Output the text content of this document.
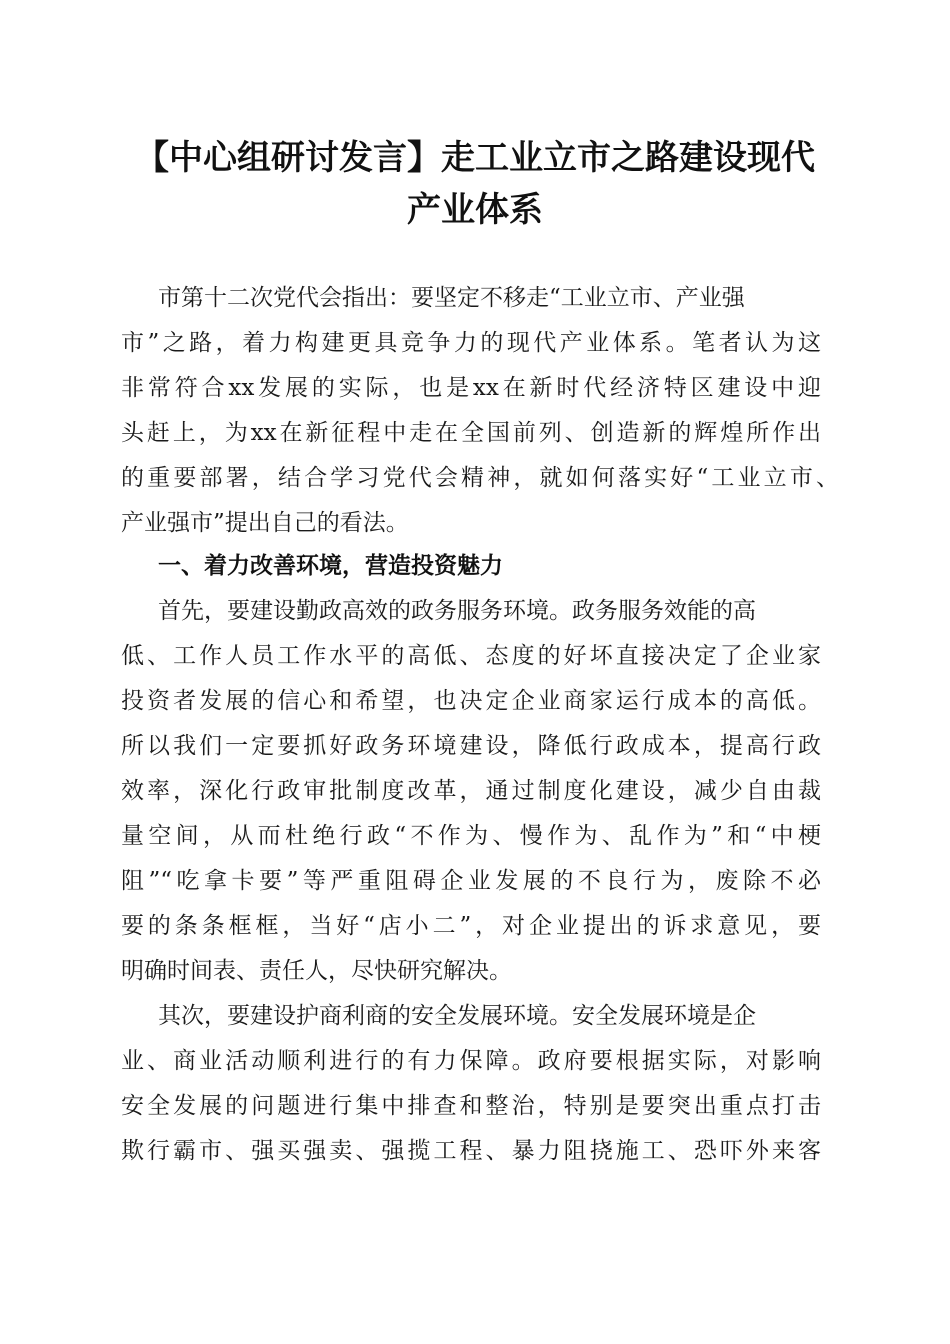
【中心组研讨发言】走工业立市之路建设现代
产业体系

市第十二次党代会指出：要坚定不移走“工业立市、产业强

市”之路，着力构建更具竞争力的现代产业体系。笔者认为这

非常符合xx发展的实际，也是xx在新时代经济特区建设中迎

头赶上，为xx在新征程中走在全国前列、创造新的辉煌所作出

的重要部署，结合学习党代会精神，就如何落实好“工业立市、

产业强市”提出自己的看法。

一、着力改善环境，营造投资魅力

首先，要建设勤政高效的政务服务环境。政务服务效能的高

低、工作人员工作水平的高低、态度的好坏直接决定了企业家

投资者发展的信心和希望，也决定企业商家运行成本的高低。

所以我们一定要抓好政务环境建设，降低行政成本，提高行政

效率，深化行政审批制度改革，通过制度化建设，减少自由裁

量空间，从而杜绝行政“不作为、慢作为、乱作为”和“中梗

阻”“吃拿卡要”等严重阻碍企业发展的不良行为，废除不必

要的条条框框，当好“店小二”，对企业提出的诉求意见，要

明确时间表、责任人，尽快研究解决。

其次，要建设护商利商的安全发展环境。安全发展环境是企

业、商业活动顺利进行的有力保障。政府要根据实际，对影响

安全发展的问题进行集中排查和整治，特别是要突出重点打击

欺行霸市、强买强卖、强揽工程、暴力阻挠施工、恐吓外来客
